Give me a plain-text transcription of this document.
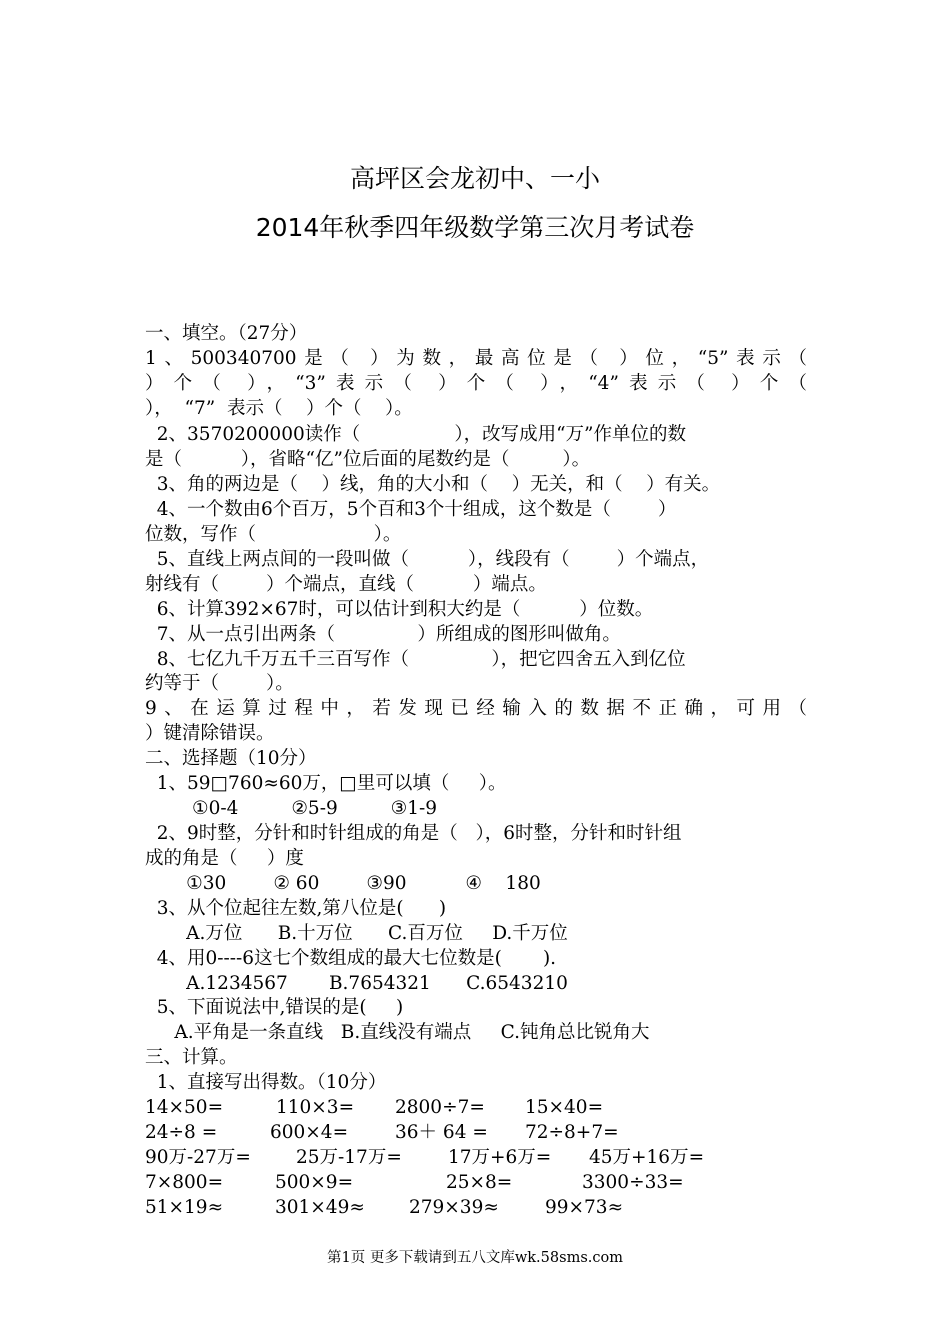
高坪区会龙初中、一小
2014年秋季四年级数学第三次月考试卷
一、填空。（27分）
1、500340700是（ ）为数，最高位是（ ）位，“5”表示（
）个（ ），“3”表示（ ）个（ ），“4”表示（ ）个（
），  “7”  表示（    ）个（    ）。
2、3570200000读作（                ），改写成用“万”作单位的数
是（          ），省略“亿”位后面的尾数约是（         ）。
3、角的两边是（    ）线，角的大小和（    ）无关，和（    ）有关。
4、一个数由6个百万，5个百和3个十组成，这个数是（        ）
位数，写作（                    ）。
5、直线上两点间的一段叫做（          ），线段有（        ）个端点，
射线有（        ）个端点，直线（          ）端点。
6、计算392×67时，可以估计到积大约是（          ）位数。
7、从一点引出两条（              ）所组成的图形叫做角。
8、七亿九千万五千三百写作（              ），把它四舍五入到亿位
约等于（        ）。
9、在运算过程中，若发现已经输入的数据不正确，可用（
）键清除错误。
二、选择题（10分）
1、59□760≈60万，□里可以填（     ）。
①0-4         ②5-9         ③1-9
2、9时整，分针和时针组成的角是（   ），6时整，分针和时针组
成的角是（     ）度
①30        ② 60        ③90          ④    180
3、从个位起往左数,第八位是(      )
A.万位      B.十万位      C.百万位     D.千万位
4、用0----6这七个数组成的最大七位数是(       ).
A.1234567       B.7654321      C.6543210
5、下面说法中,错误的是(     )
A.平角是一条直线   B.直线没有端点     C.钝角总比锐角大
三、计算。
1、直接写出得数。（10分）
14×50=	110×3= 2800÷7= 15×40=
24÷8 =	600×4=	36＋ 64 = 72÷8+7=
90万-27万= 25万-17万= 17万+6万= 45万+16万=
7×800=	500×9=	25×8=	3300÷33=
51×19≈	301×49≈ 279×39≈ 99×73≈
第1页 更多下载请到五八文库wk.58sms.com
